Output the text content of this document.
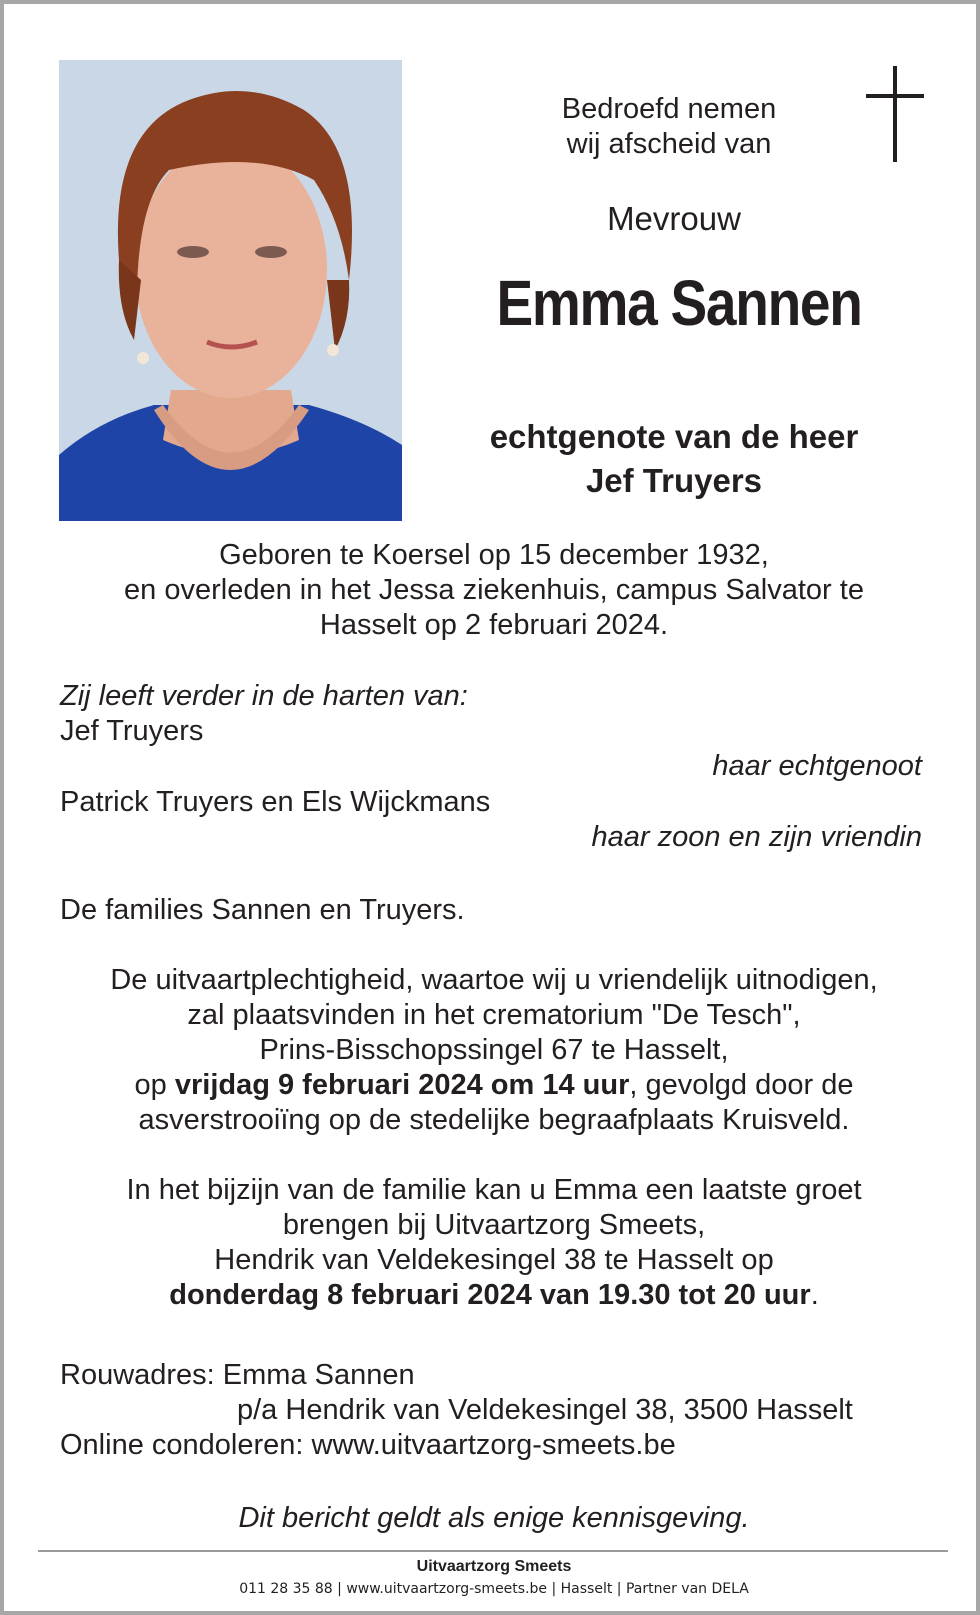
Bedroefd nemen
wij afscheid van
Mevrouw
Emma Sannen
echtgenote van de heer
Jef Truyers
Geboren te Koersel op 15 december 1932,
en overleden in het Jessa ziekenhuis, campus Salvator te
Hasselt op 2 februari 2024.
Zij leeft verder in de harten van:
Jef Truyers
haar echtgenoot
Patrick Truyers en Els Wijckmans
haar zoon en zijn vriendin
De families Sannen en Truyers.
De uitvaartplechtigheid, waartoe wij u vriendelijk uitnodigen,
zal plaatsvinden in het crematorium "De Tesch",
Prins-Bisschopssingel 67 te Hasselt,
op vrijdag 9 februari 2024 om 14 uur, gevolgd door de
asverstrooiïng op de stedelijke begraafplaats Kruisveld.
In het bijzijn van de familie kan u Emma een laatste groet
brengen bij Uitvaartzorg Smeets,
Hendrik van Veldekesingel 38 te Hasselt op
donderdag 8 februari 2024 van 19.30 tot 20 uur.
Rouwadres: Emma Sannen
p/a Hendrik van Veldekesingel 38, 3500 Hasselt
Online condoleren: www.uitvaartzorg-smeets.be
Dit bericht geldt als enige kennisgeving.
Uitvaartzorg Smeets
011 28 35 88 | www.uitvaartzorg-smeets.be | Hasselt | Partner van DELA
